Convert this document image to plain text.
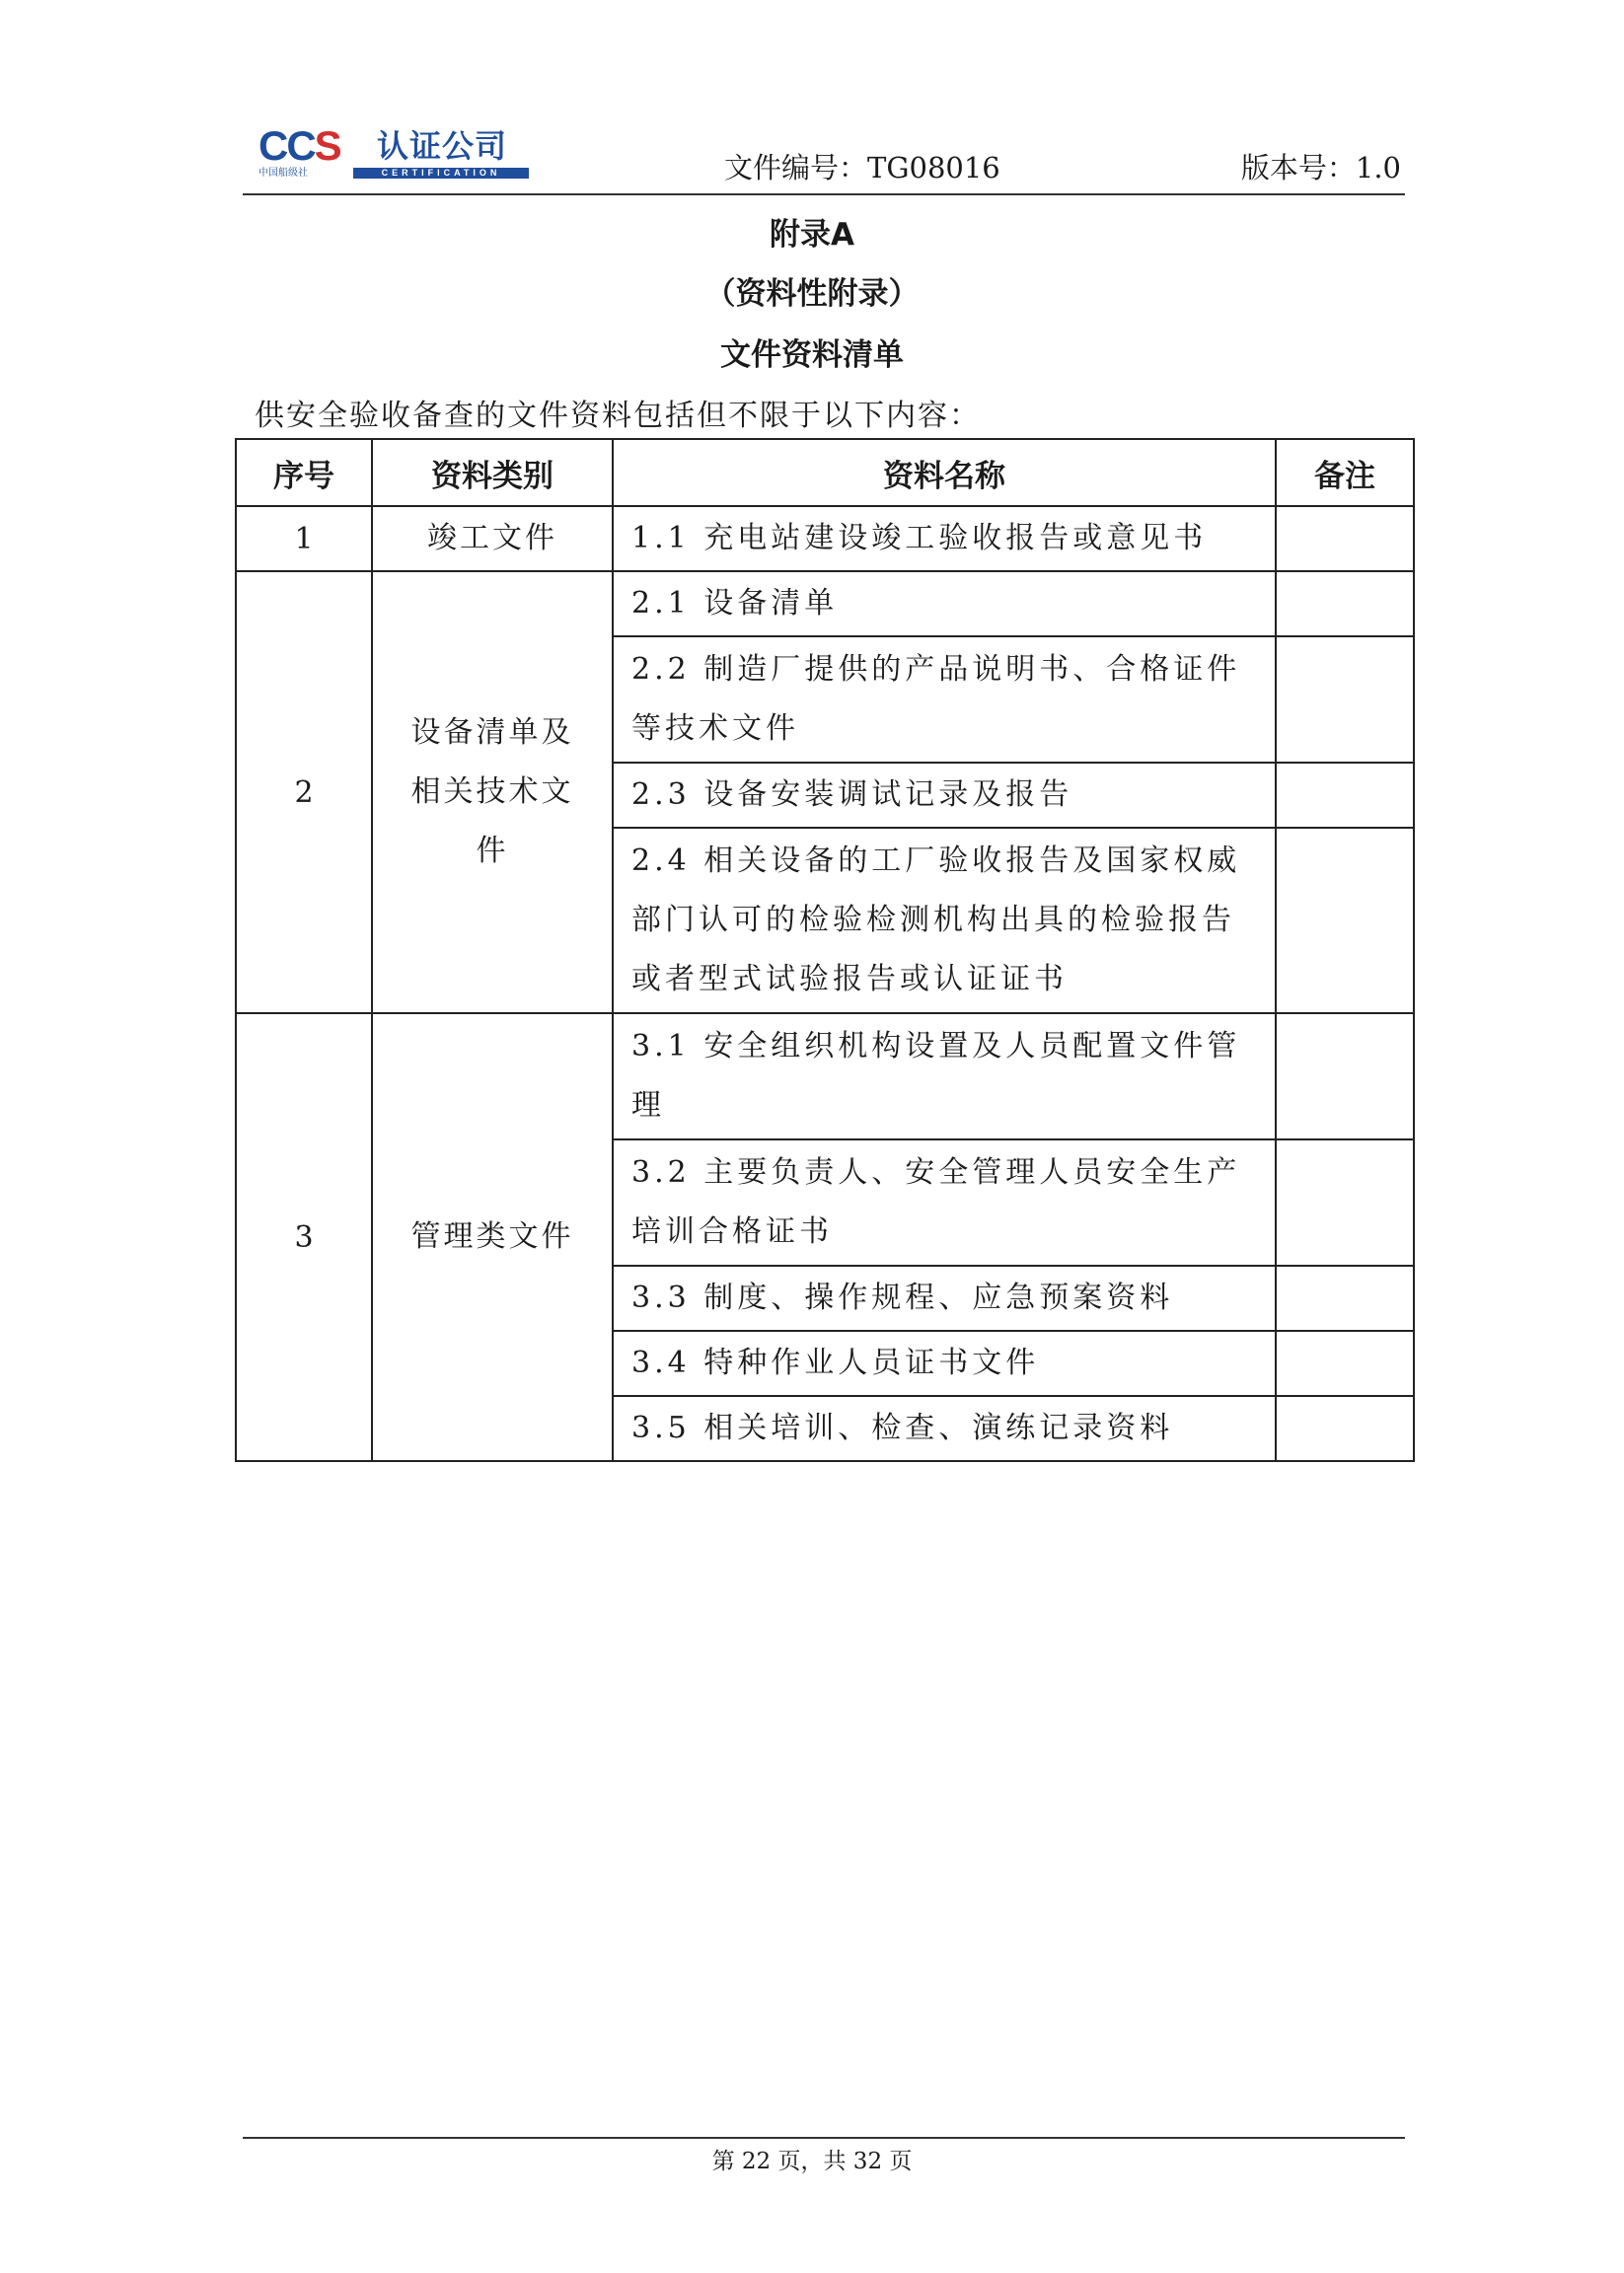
CCS 认证公司
中国船级社	CERTIFICATION	文件编号：TG08016	版本号：1.0
附录A
（资料性附录）
文件资料清单
供安全验收备查的文件资料包括但不限于以下内容：
序号	资料类别	资料名称	备注
1	竣工文件	1.1 充电站建设竣工验收报告或意见书	
2	设备清单及相关技术文件	2.1 设备清单	
		2.2 制造厂提供的产品说明书、合格证件等技术文件	
		2.3 设备安装调试记录及报告	
		2.4 相关设备的工厂验收报告及国家权威部门认可的检验检测机构出具的检验报告或者型式试验报告或认证证书	
3	管理类文件	3.1 安全组织机构设置及人员配置文件管理	
		3.2 主要负责人、安全管理人员安全生产培训合格证书	
		3.3 制度、操作规程、应急预案资料	
		3.4 特种作业人员证书文件	
		3.5 相关培训、检查、演练记录资料	
第 22 页，共 32 页
